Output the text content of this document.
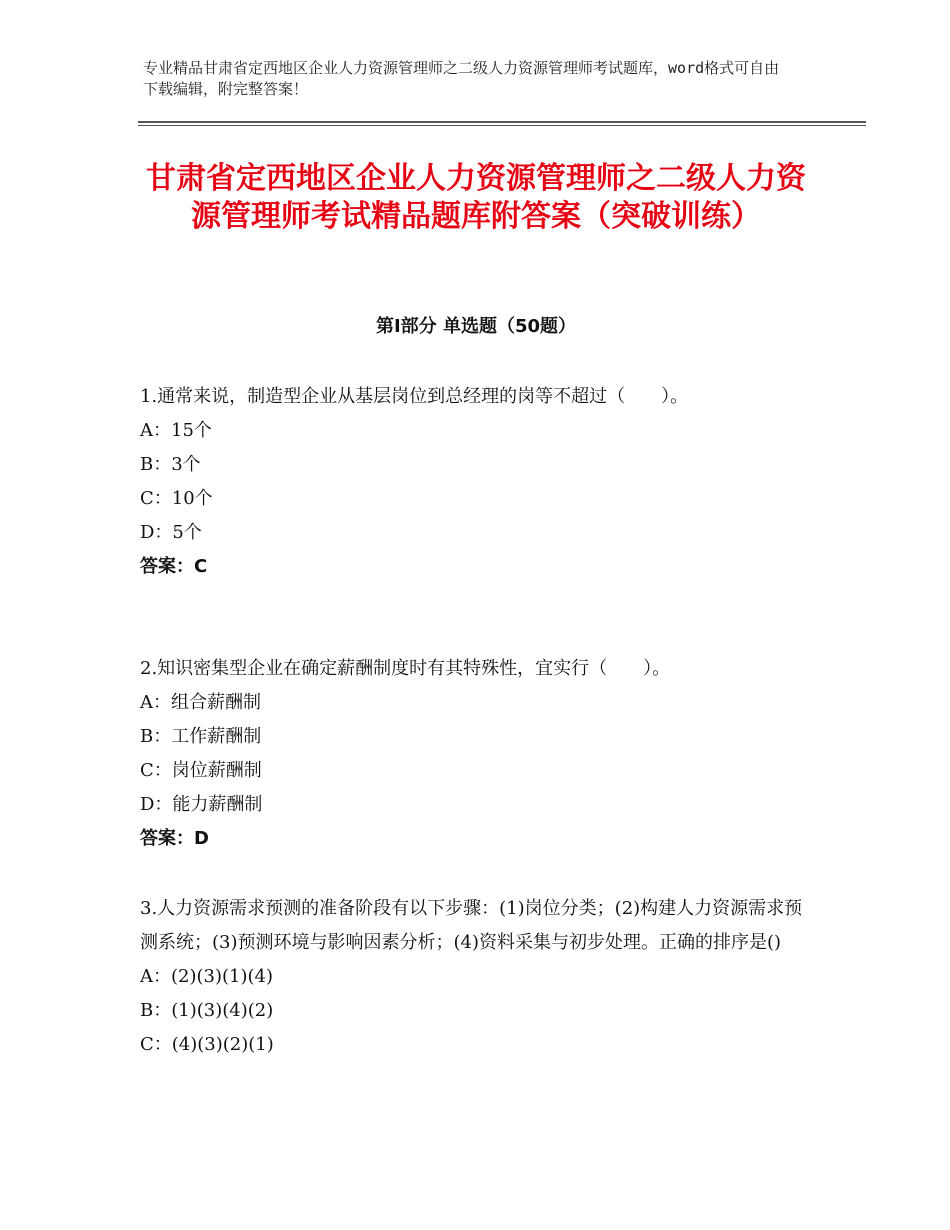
专业精品甘肃省定西地区企业人力资源管理师之二级人力资源管理师考试题库，word格式可自由下载编辑，附完整答案！
甘肃省定西地区企业人力资源管理师之二级人力资源管理师考试精品题库附答案（突破训练）
第Ⅰ部分 单选题（50题）
1.通常来说，制造型企业从基层岗位到总经理的岗等不超过（　　）。
A：15个
B：3个
C：10个
D：5个
答案：C
2.知识密集型企业在确定薪酬制度时有其特殊性，宜实行（　　）。
A：组合薪酬制
B：工作薪酬制
C：岗位薪酬制
D：能力薪酬制
答案：D
3.人力资源需求预测的准备阶段有以下步骤：(1)岗位分类；(2)构建人力资源需求预测系统；(3)预测环境与影响因素分析；(4)资料采集与初步处理。正确的排序是()
A：(2)(3)(1)(4)
B：(1)(3)(4)(2)
C：(4)(3)(2)(1)
